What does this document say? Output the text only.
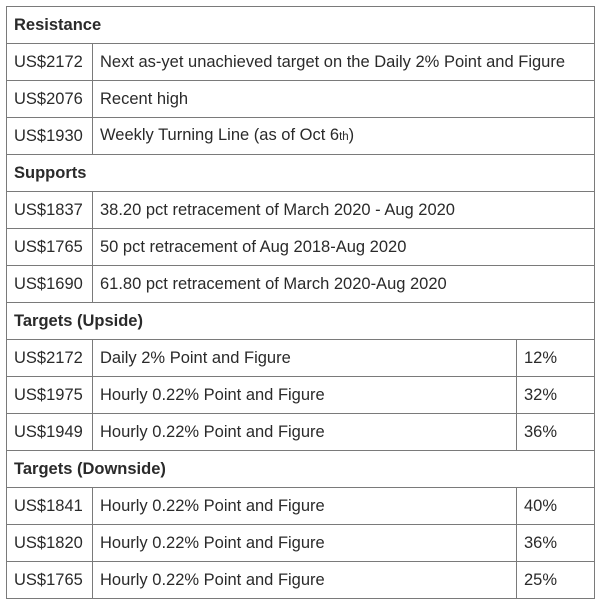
Resistance		
US$2172	Next as-yet unachieved target on the Daily 2% Point and Figure	
US$2076	Recent high	
US$1930	Weekly Turning Line (as of Oct 6th)	
Supports		
US$1837	38.20 pct retracement of March 2020 - Aug 2020	
US$1765	50 pct retracement of Aug 2018-Aug 2020	
US$1690	61.80 pct retracement of March 2020-Aug 2020	
Targets (Upside)		
US$2172	Daily 2% Point and Figure	12%
US$1975	Hourly 0.22% Point and Figure	32%
US$1949	Hourly 0.22% Point and Figure	36%
Targets (Downside)		
US$1841	Hourly 0.22% Point and Figure	40%
US$1820	Hourly 0.22% Point and Figure	36%
US$1765	Hourly 0.22% Point and Figure	25%
